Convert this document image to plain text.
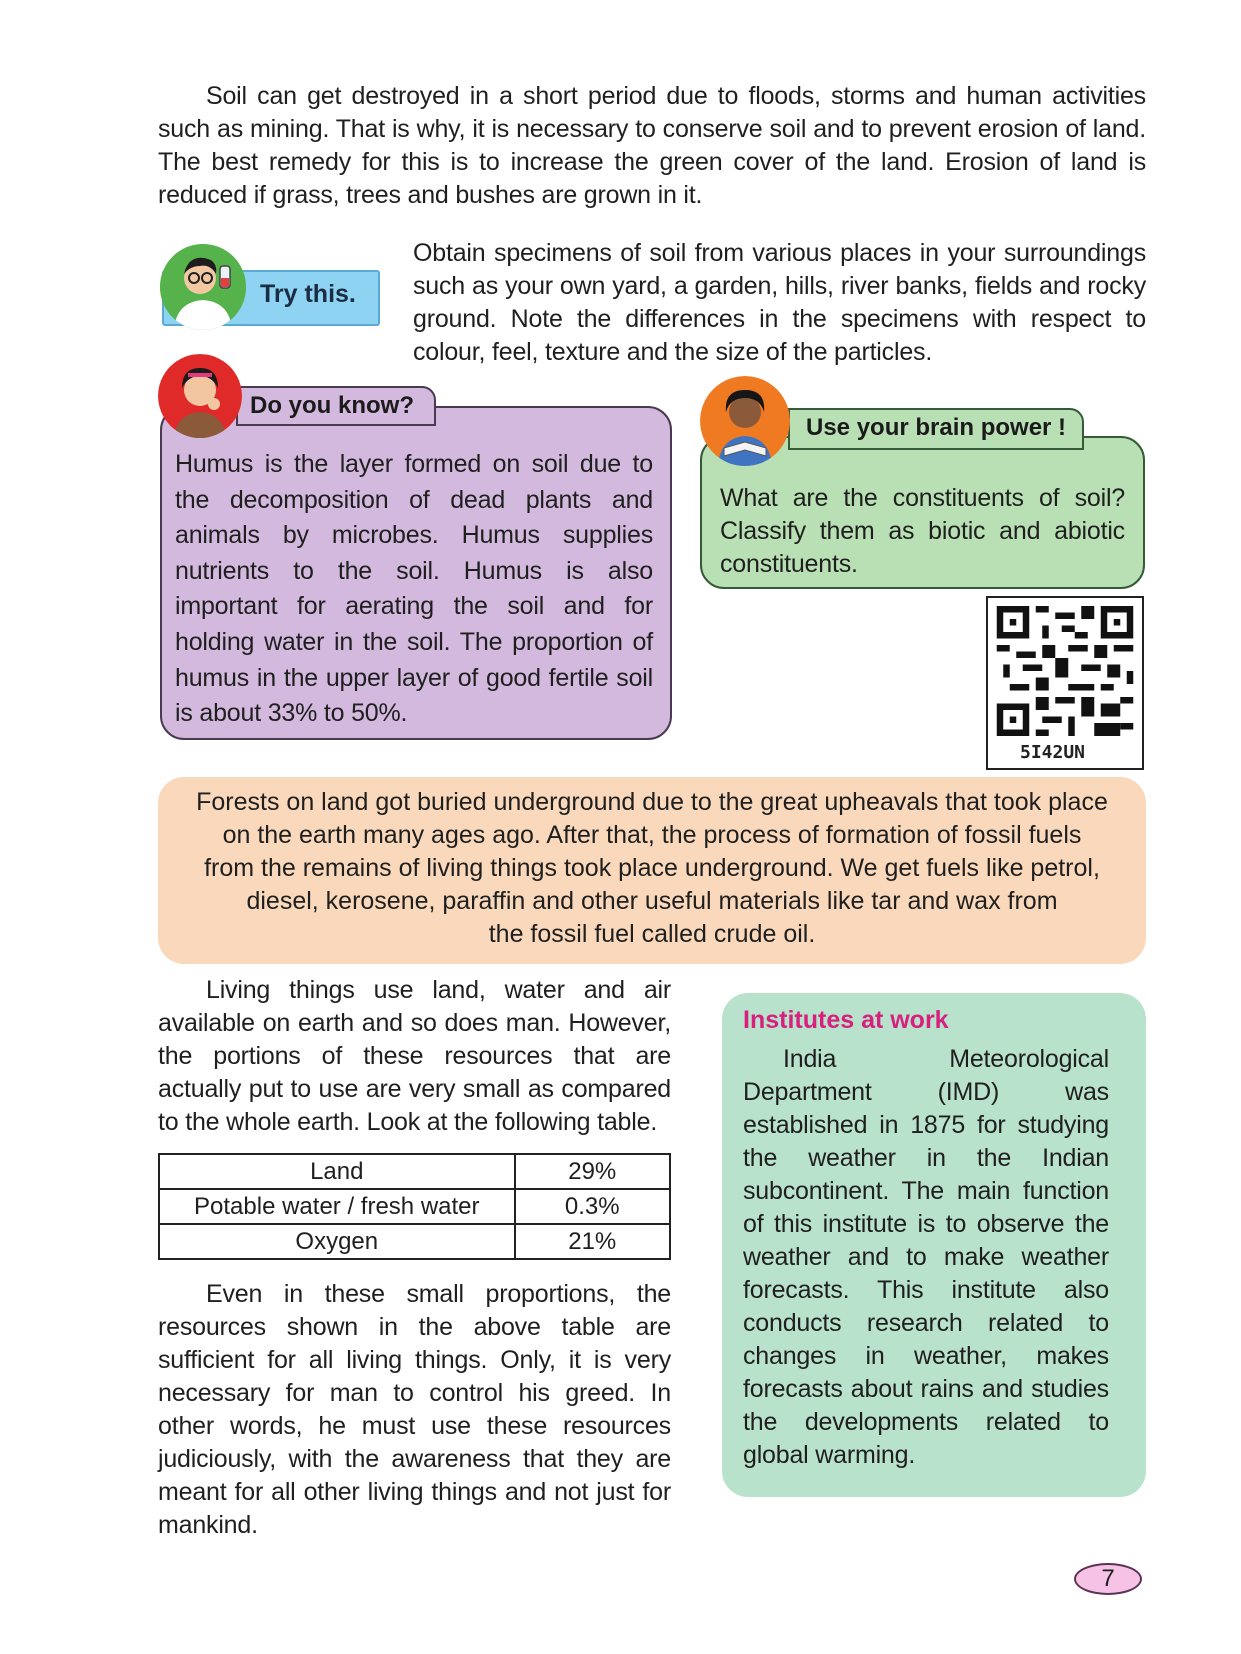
Soil can get destroyed in a short period due to floods, storms and human activities such as mining. That is why, it is necessary to conserve soil and to prevent erosion of land. The best remedy for this is to increase the green cover of the land. Erosion of land is reduced if grass, trees and bushes are grown in it.

Try this.

Obtain specimens of soil from various places in your surroundings such as your own yard, a garden, hills, river banks, fields and rocky ground. Note the differences in the specimens with respect to colour, feel, texture and the size of the particles.

Do you know?

Humus is the layer formed on soil due to the decomposition of dead plants and animals by microbes. Humus supplies nutrients to the soil. Humus is also important for aerating the soil and for holding water in the soil. The proportion of humus in the upper layer of good fertile soil is about 33% to 50%.

Use your brain power !

What are the constituents of soil? Classify them as biotic and abiotic constituents.

5I42UN
Forests on land got buried underground due to the great upheavals that took place
on the earth many ages ago. After that, the process of formation of fossil fuels
from the remains of living things took place underground. We get fuels like petrol,
diesel, kerosene, paraffin and other useful materials like tar and wax from
the fossil fuel called crude oil.

Living things use land, water and air available on earth and so does man. However, the portions of these resources that are actually put to use are very small as compared to the whole earth. Look at the following table.

Land	29%
Potable water / fresh water	0.3%
Oxygen	21%

Even in these small proportions, the resources shown in the above table are sufficient for all living things. Only, it is very necessary for man to control his greed. In other words, he must use these resources judiciously, with the awareness that they are meant for all other living things and not just for mankind.

Institutes at work

India Meteorological Department (IMD) was established in 1875 for studying the weather in the Indian subcontinent. The main function of this institute is to observe the weather and to make weather forecasts. This institute also conducts research related to changes in weather, makes forecasts about rains and studies the developments related to global warming.

7
